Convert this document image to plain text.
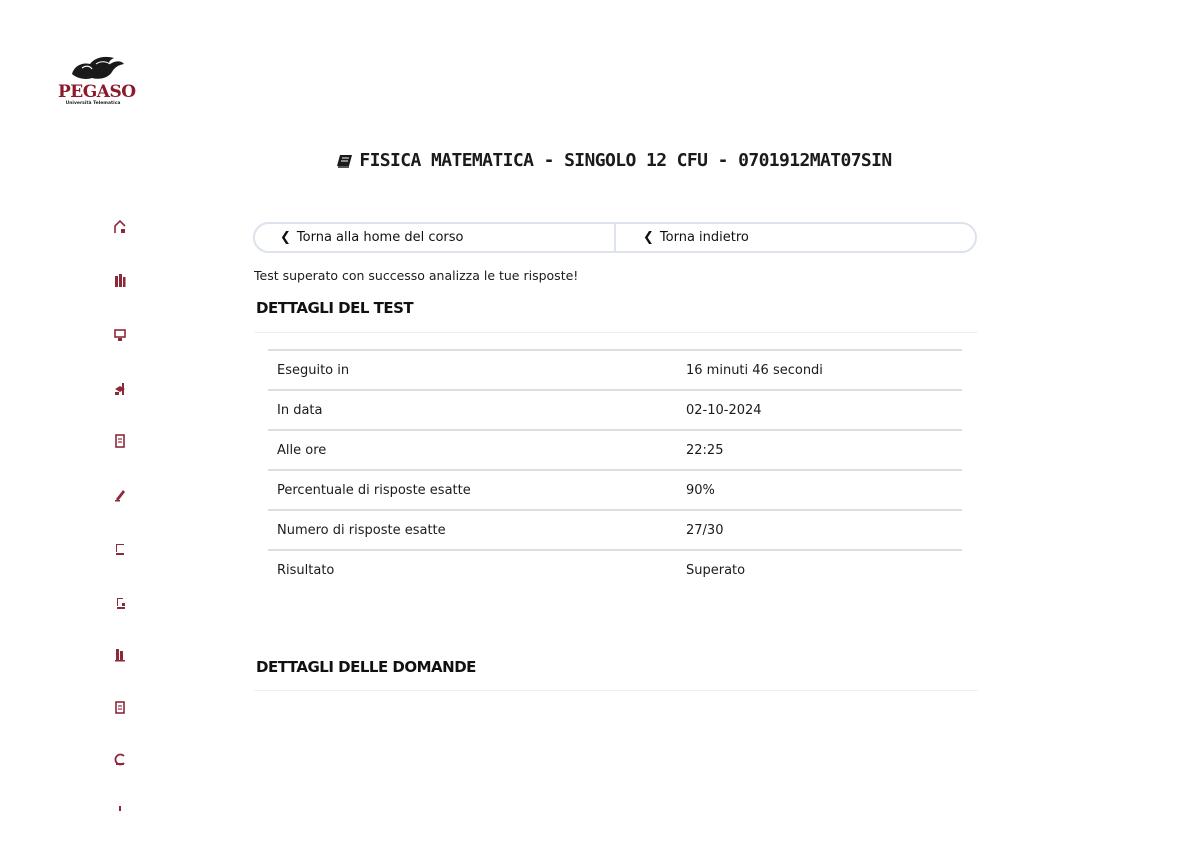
PEGASO
Università Telematica
FISICA MATEMATICA - SINGOLO 12 CFU - 0701912MAT07SIN
❮ Torna alla home del corso	❮ Torna indietro
Test superato con successo analizza le tue risposte!
DETTAGLI DEL TEST
Eseguito in	16 minuti 46 secondi
In data	02-10-2024
Alle ore	22:25
Percentuale di risposte esatte	90%
Numero di risposte esatte	27/30
Risultato	Superato
DETTAGLI DELLE DOMANDE
